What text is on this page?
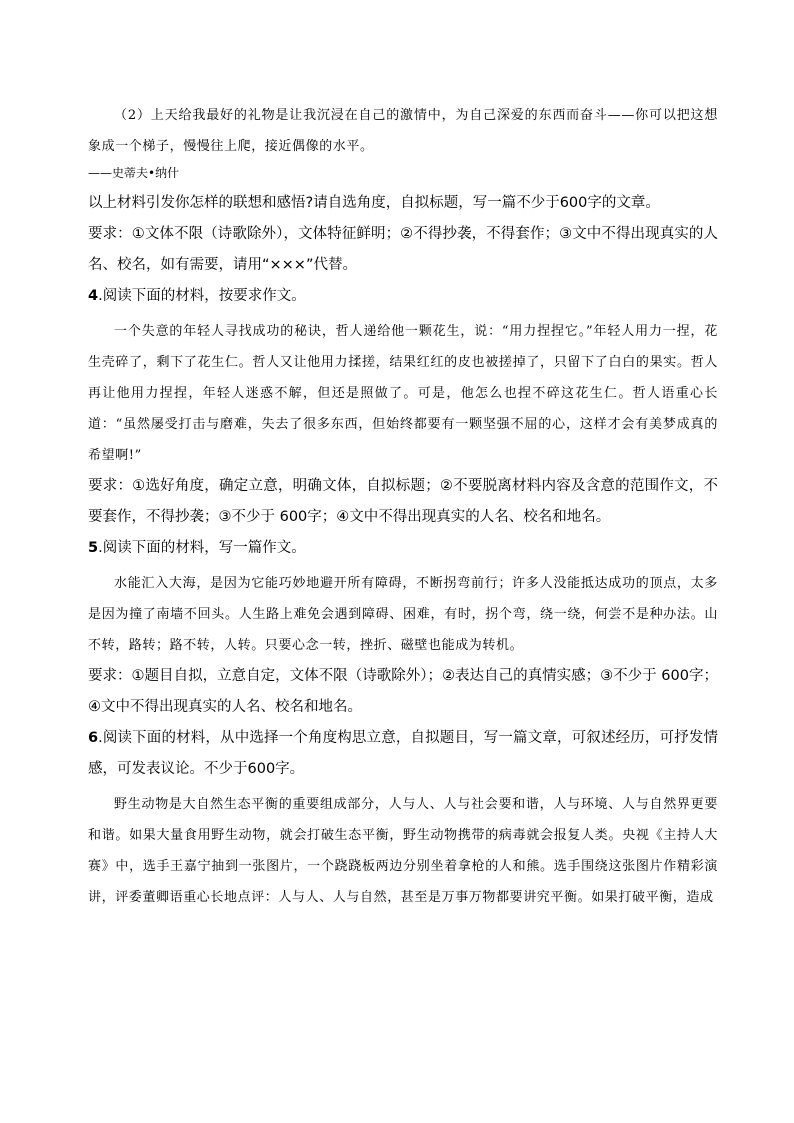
（2）上天给我最好的礼物是让我沉浸在自己的激情中，为自己深爱的东西而奋斗——你可以把这想象成一个梯子，慢慢往上爬，接近偶像的水平。

——史蒂夫•纳什

以上材料引发你怎样的联想和感悟?请自选角度，自拟标题，写一篇不少于600字的文章。

要求：①文体不限（诗歌除外），文体特征鲜明；②不得抄袭，不得套作；③文中不得出现真实的人名、校名，如有需要，请用“×××”代替。

4.阅读下面的材料，按要求作文。

一个失意的年轻人寻找成功的秘诀，哲人递给他一颗花生，说：“用力捏捏它。”年轻人用力一捏，花生壳碎了，剩下了花生仁。哲人又让他用力揉搓，结果红红的皮也被搓掉了，只留下了白白的果实。哲人再让他用力捏捏，年轻人迷惑不解，但还是照做了。可是，他怎么也捏不碎这花生仁。哲人语重心长道：“虽然屡受打击与磨难，失去了很多东西，但始终都要有一颗坚强不屈的心，这样才会有美梦成真的希望啊!”

要求：①选好角度，确定立意，明确文体，自拟标题；②不要脱离材料内容及含意的范围作文，不要套作，不得抄袭；③不少于 600字；④文中不得出现真实的人名、校名和地名。

5.阅读下面的材料，写一篇作文。

水能汇入大海，是因为它能巧妙地避开所有障碍，不断拐弯前行；许多人没能抵达成功的顶点，太多是因为撞了南墙不回头。人生路上难免会遇到障碍、困难，有时，拐个弯，绕一绕，何尝不是种办法。山不转，路转；路不转，人转。只要心念一转，挫折、磁壁也能成为转机。

要求：①题目自拟，立意自定，文体不限（诗歌除外）；②表达自己的真情实感；③不少于 600字；④文中不得出现真实的人名、校名和地名。

6.阅读下面的材料，从中选择一个角度构思立意，自拟题目，写一篇文章，可叙述经历，可抒发情感，可发表议论。不少于600字。

野生动物是大自然生态平衡的重要组成部分，人与人、人与社会要和谐，人与环境、人与自然界更要和谐。如果大量食用野生动物，就会打破生态平衡，野生动物携带的病毒就会报复人类。央视《主持人大赛》中，选手王嘉宁抽到一张图片，一个跷跷板两边分别坐着拿枪的人和熊。选手围绕这张图片作精彩演讲，评委董卿语重心长地点评：人与人、人与自然，甚至是万事万物都要讲究平衡。如果打破平衡，造成
